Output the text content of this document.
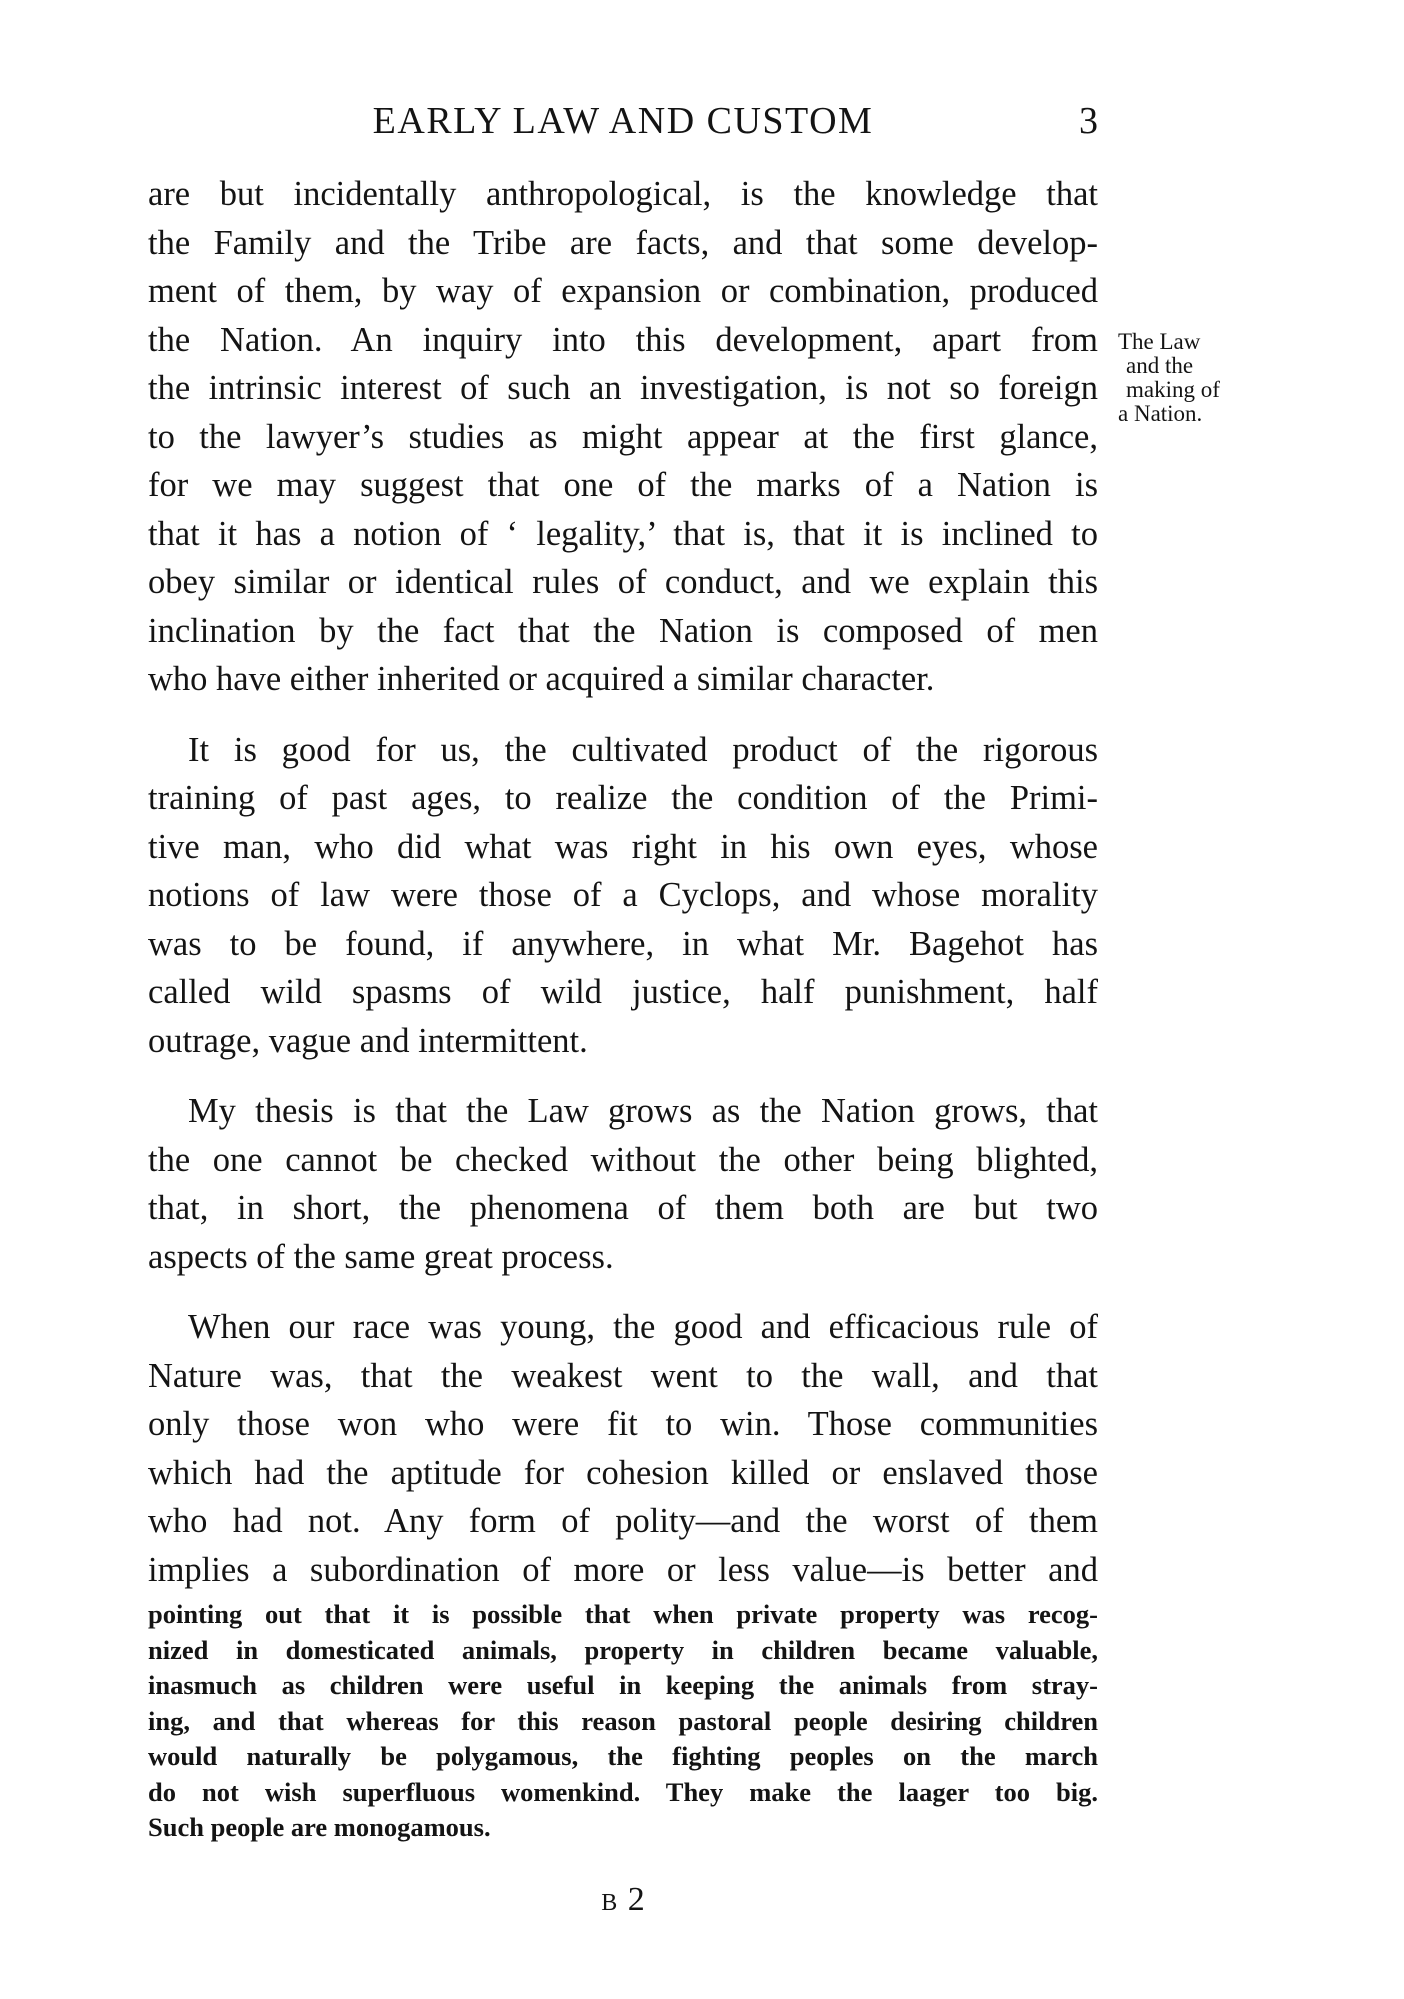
EARLY LAW AND CUSTOM	3
The Law
and the
making of
a Nation.
are but incidentally anthropological, is the knowledge that
the Family and the Tribe are facts, and that some develop-
ment of them, by way of expansion or combination, produced
the Nation. An inquiry into this development, apart from
the intrinsic interest of such an investigation, is not so foreign
to the lawyer’s studies as might appear at the first glance,
for we may suggest that one of the marks of a Nation is
that it has a notion of ‘ legality,’ that is, that it is inclined to
obey similar or identical rules of conduct, and we explain this
inclination by the fact that the Nation is composed of men
who have either inherited or acquired a similar character.
It is good for us, the cultivated product of the rigorous
training of past ages, to realize the condition of the Primi-
tive man, who did what was right in his own eyes, whose
notions of law were those of a Cyclops, and whose morality
was to be found, if anywhere, in what Mr. Bagehot has
called wild spasms of wild justice, half punishment, half
outrage, vague and intermittent.
My thesis is that the Law grows as the Nation grows, that
the one cannot be checked without the other being blighted,
that, in short, the phenomena of them both are but two
aspects of the same great process.
When our race was young, the good and efficacious rule of
Nature was, that the weakest went to the wall, and that
only those won who were fit to win. Those communities
which had the aptitude for cohesion killed or enslaved those
who had not. Any form of polity—and the worst of them
implies a subordination of more or less value—is better and
pointing out that it is possible that when private property was recog-
nized in domesticated animals, property in children became valuable,
inasmuch as children were useful in keeping the animals from stray-
ing, and that whereas for this reason pastoral people desiring children
would naturally be polygamous, the fighting peoples on the march
do not wish superfluous womenkind. They make the laager too big.
Such people are monogamous.
B 2
